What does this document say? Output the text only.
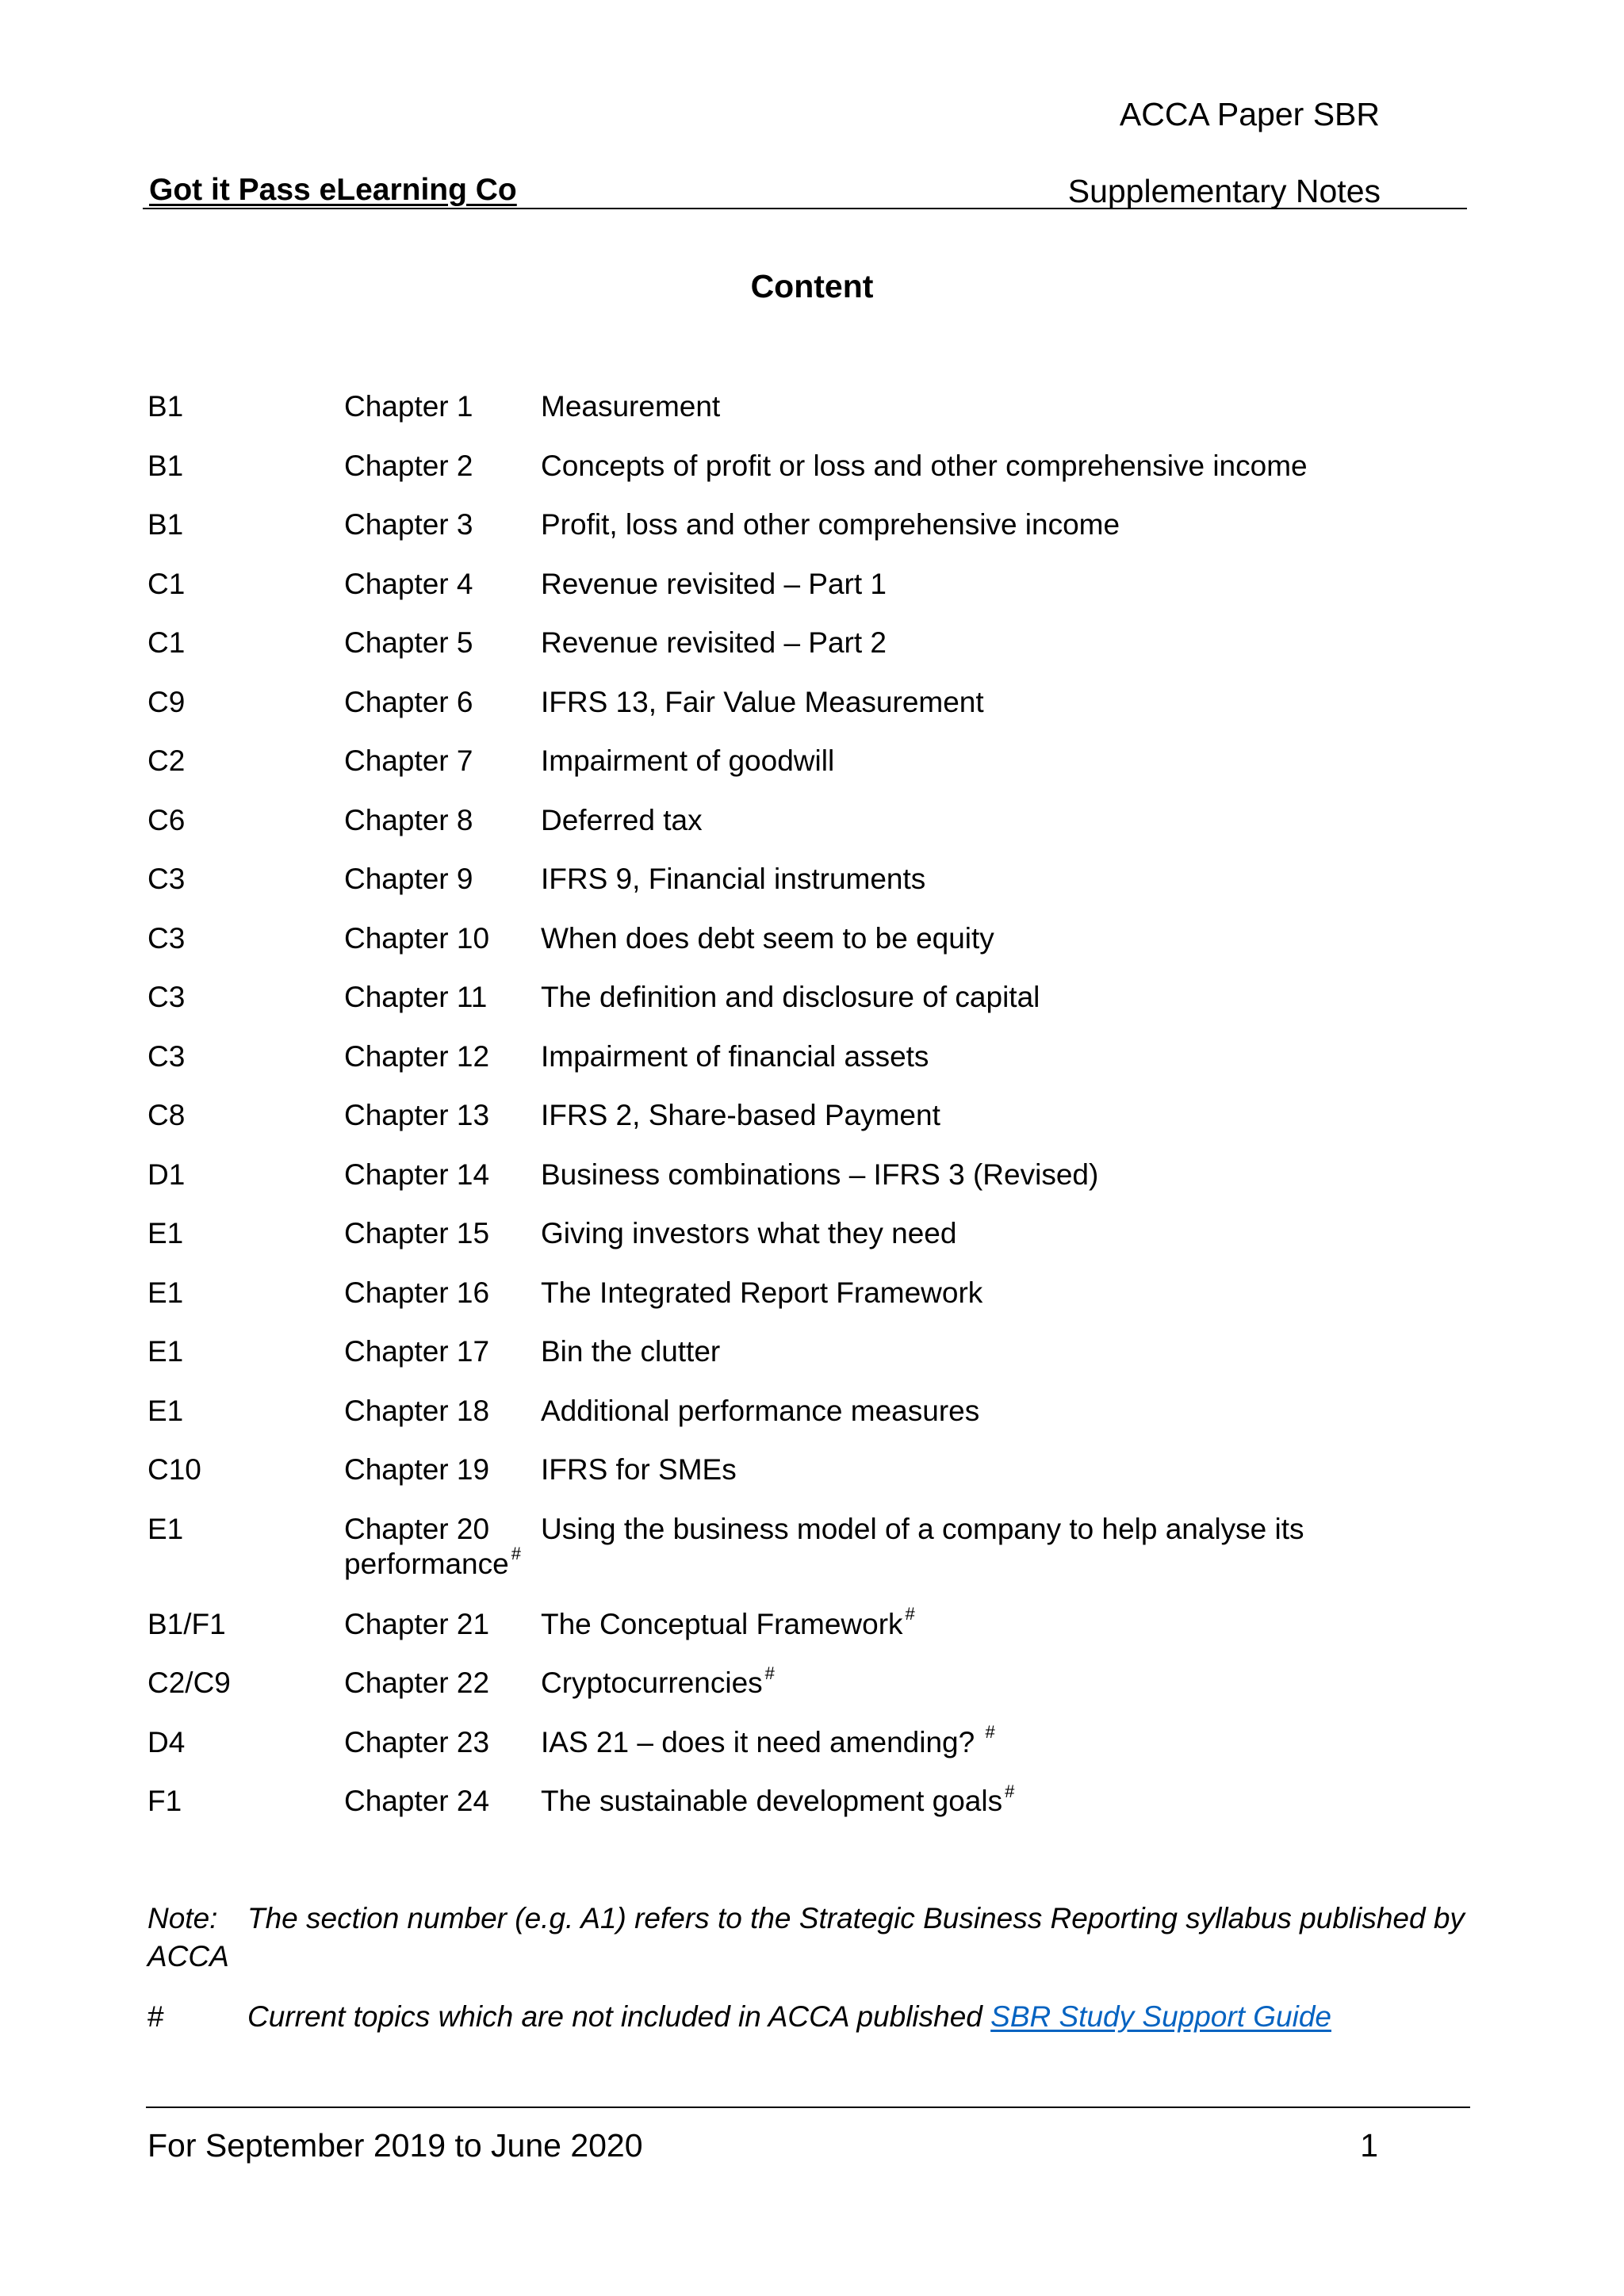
ACCA Paper SBR
Got it Pass eLearning Co	Supplementary Notes
Content
B1	Chapter 1 Measurement
B1	Chapter 2 Concepts of profit or loss and other comprehensive income
B1	Chapter 3 Profit, loss and other comprehensive income
C1	Chapter 4 Revenue revisited – Part 1
C1	Chapter 5 Revenue revisited – Part 2
C9	Chapter 6 IFRS 13, Fair Value Measurement
C2	Chapter 7 Impairment of goodwill
C6	Chapter 8 Deferred tax
C3	Chapter 9 IFRS 9, Financial instruments
C3	Chapter 10 When does debt seem to be equity
C3	Chapter 11 The definition and disclosure of capital
C3	Chapter 12 Impairment of financial assets
C8	Chapter 13 IFRS 2, Share-based Payment
D1	Chapter 14 Business combinations – IFRS 3 (Revised)
E1	Chapter 15 Giving investors what they need
E1	Chapter 16 The Integrated Report Framework
E1	Chapter 17 Bin the clutter
E1	Chapter 18 Additional performance measures
C10	Chapter 19 IFRS for SMEs
E1	Chapter 20 Using the business model of a company to help analyse its
performance #
B1/F1	Chapter 21 The Conceptual Framework #
C2/C9	Chapter 22 Cryptocurrencies #
D4	Chapter 23 IAS 21 – does it need amending? #
F1	Chapter 24 The sustainable development goals #
Note: The section number (e.g. A1) refers to the Strategic Business Reporting syllabus published by ACCA
#	Current topics which are not included in ACCA published SBR Study Support Guide
For September 2019 to June 2020	1
